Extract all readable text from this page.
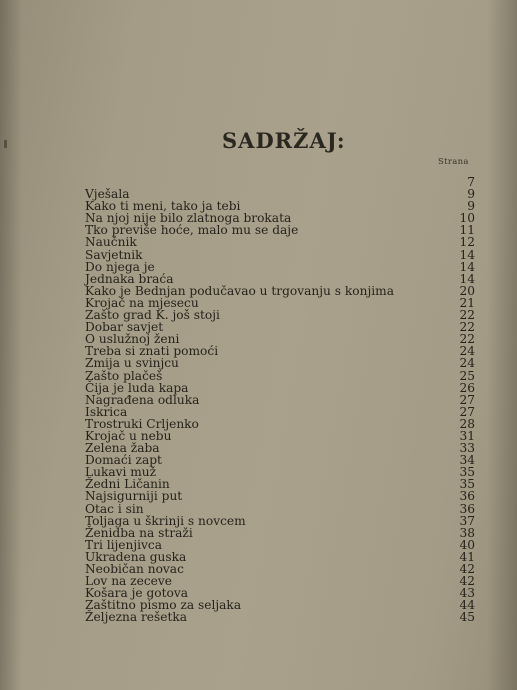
SADRŽAJ:
Strana
7
Vješala	9
Kako ti meni, tako ja tebi	9
Na njoj nije bilo zlatnoga brokata	10
Tko previše hoće, malo mu se daje	11
Naučnik	12
Savjetnik	14
Do njega je	14
Jednaka braća	14
Kako je Bednjan podučavao u trgovanju s konjima	20
Krojač na mjesecu	21
Zašto grad K. još stoji	22
Dobar savjet	22
O uslužnoj ženi	22
Treba si znati pomoći	24
Zmija u svinjcu	24
Zašto plačeš	25
Čija je luda kapa	26
Nagrađena odluka	27
Iskrica	27
Trostruki Crljenko	28
Krojač u nebu	31
Zelena žaba	33
Domaći zapt	34
Lukavi muž	35
Žedni Ličanin	35
Najsigurniji put	36
Otac i sin	36
Toljaga u škrinji s novcem	37
Ženidba na straži	38
Tri lijenjivca	40
Ukradena guska	41
Neobičan novac	42
Lov na zeceve	42
Košara je gotova	43
Zaštitno pismo za seljaka	44
Željezna rešetka	45
